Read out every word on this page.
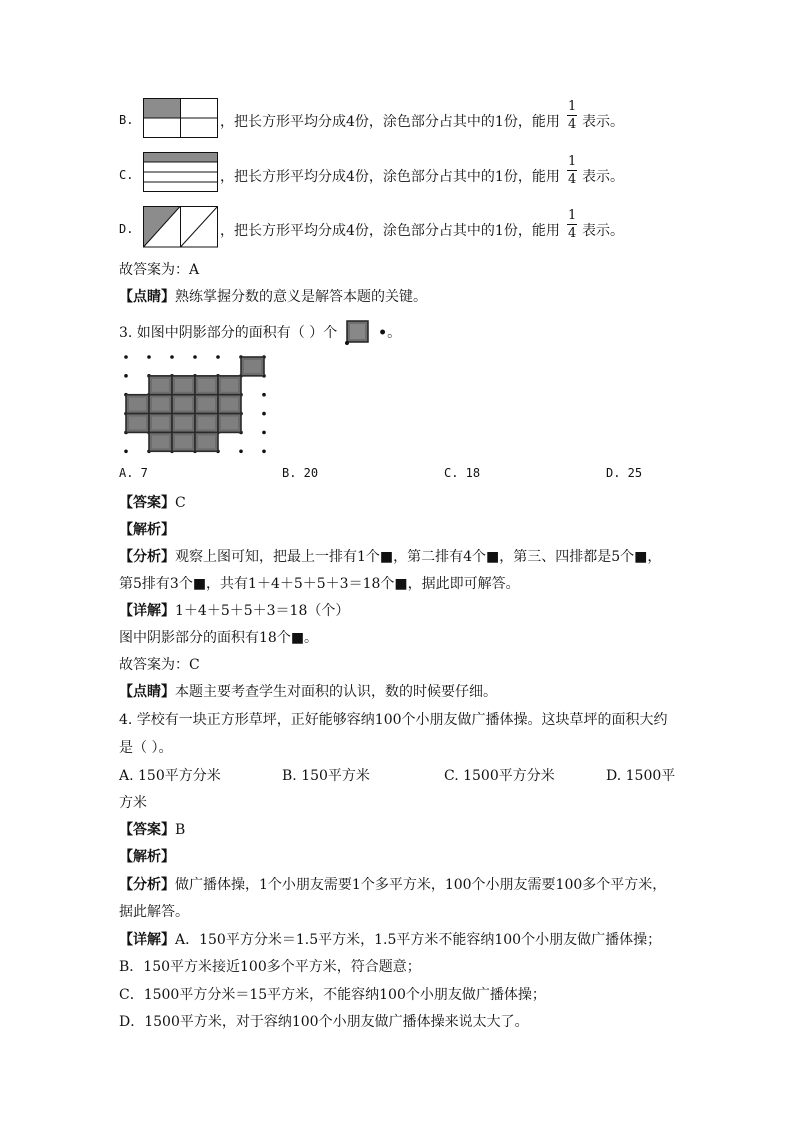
B.	，把长方形平均分成4份，涂色部分占其中的1份，能用
1
4 表示。
C.	，把长方形平均分成4份，涂色部分占其中的1份，能用
1
4 表示。
D.	，把长方形平均分成4份，涂色部分占其中的1份，能用
1
4 表示。
故答案为：A
【点睛】熟练掌握分数的意义是解答本题的关键。
3. 如图中阴影部分的面积有（ ）个	•。
A. 7	B. 20	C. 18	D. 25
【答案】C
【解析】
【分析】观察上图可知，把最上一排有1个■，第二排有4个■，第三、四排都是5个■，
第5排有3个■，共有1＋4＋5＋5＋3＝18个■，据此即可解答。
【详解】1＋4＋5＋5＋3＝18（个）
图中阴影部分的面积有18个■。
故答案为：C
【点睛】本题主要考查学生对面积的认识，数的时候要仔细。
4. 学校有一块正方形草坪，正好能够容纳100个小朋友做广播体操。这块草坪的面积大约
是（ ）。
A. 150平方分米	B. 150平方米	C. 1500平方分米	D. 1500平
方米
【答案】B
【解析】
【分析】做广播体操，1个小朋友需要1个多平方米，100个小朋友需要100多个平方米，
据此解答。
【详解】A．150平方分米＝1.5平方米，1.5平方米不能容纳100个小朋友做广播体操；
B．150平方米接近100多个平方米，符合题意；
C．1500平方分米＝15平方米，不能容纳100个小朋友做广播体操；
D．1500平方米，对于容纳100个小朋友做广播体操来说太大了。
